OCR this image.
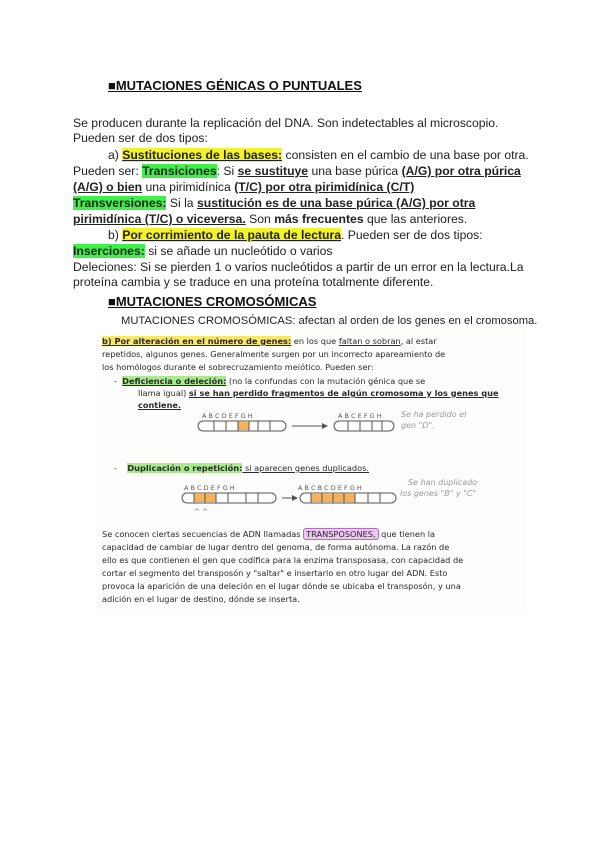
■MUTACIONES GÉNICAS O PUNTUALES
Se producen durante la replicación del DNA. Son indetectables al microscopio.
Pueden ser de dos tipos:
a) Sustituciones de las bases: consisten en el cambio de una base por otra.
Pueden ser: Transiciones: Si se sustituye una base púrica (A/G) por otra púrica
(A/G) o bien una pirimidínica (T/C) por otra pirimidínica (C/T)
Transversiones: Si la sustitución es de una base púrica (A/G) por otra
pirimidínica (T/C) o viceversa. Son más frecuentes que las anteriores.
b) Por corrimiento de la pauta de lectura. Pueden ser de dos tipos:
Inserciones: si se añade un nucleótido o varios
Deleciones: Si se pierden 1 o varios nucleótidos a partir de un error en la lectura.La
proteína cambia y se traduce en una proteína totalmente diferente.
■MUTACIONES CROMOSÓMICAS
MUTACIONES CROMOSÓMICAS: afectan al orden de los genes en el cromosoma.
b) Por alteración en el número de genes: en los que faltan o sobran, al estar
repetidos, algunos genes. Generalmente surgen por un incorrecto apareamiento de
los homólogos durante el sobrecruzamiento meiótico. Pueden ser:
-  Deficiencia o deleción: (no la confundas con la mutación génica que se
llama igual) si se han perdido fragmentos de algún cromosoma y los genes que
contiene.
A B C D E F G H	A B C E F G H Se ha perdido el
gen "D".
-    Duplicación o repetición: si aparecen genes duplicados.
A B C D E F G H	A B C B C D E F G H
^ ^
Se han duplicado
los genes "B" y "C"
Se conocen ciertas secuencias de ADN llamadas TRANSPOSONES, que tienen la
capacidad de cambiar de lugar dentro del genoma, de forma autónoma. La razón de
ello es que contienen el gen que codifica para la enzima transposasa, con capacidad de
cortar el segmento del transposón y "saltar" e insertarlo en otro lugar del ADN. Esto
provoca la aparición de una deleción en el lugar dónde se ubicaba el transposón, y una
adición en el lugar de destino, dónde se inserta.
